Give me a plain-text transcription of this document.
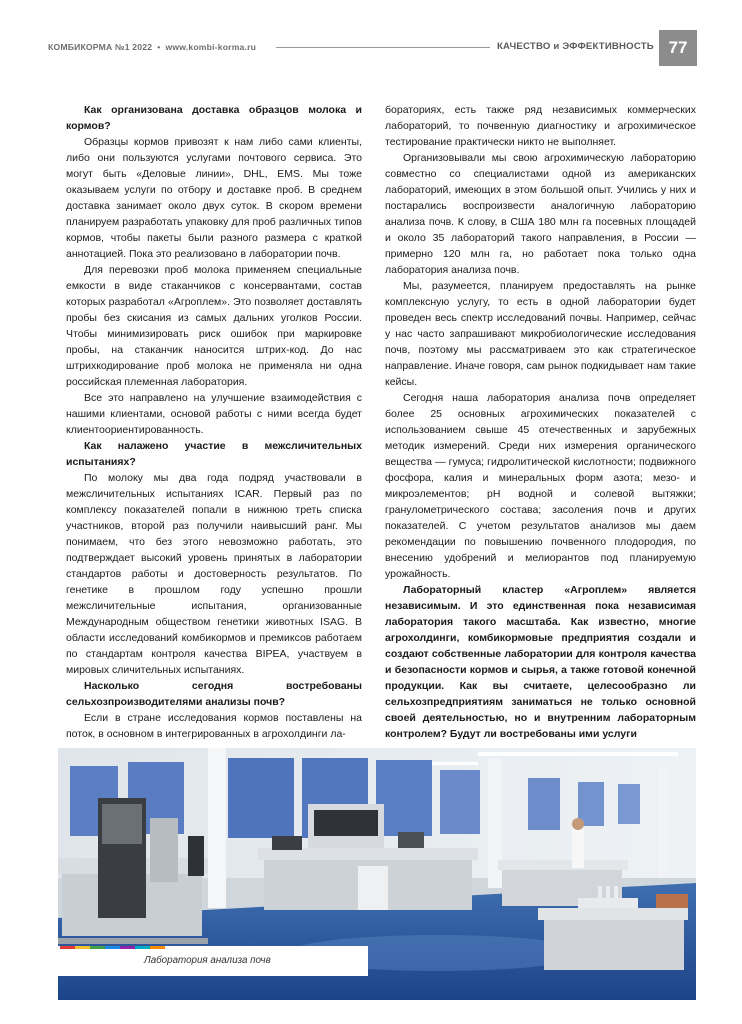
КОМБИКОРМА №1 2022 • www.kombi-korma.ru	КАЧЕСТВО и ЭФФЕКТИВНОСТЬ 77

Как организована доставка образцов молока и кормов?

Образцы кормов привозят к нам либо сами клиенты, либо они пользуются услугами почтового сервиса. Это могут быть «Деловые линии», DHL, EMS. Мы тоже оказываем услуги по отбору и доставке проб. В среднем доставка занимает около двух суток. В скором времени планируем разработать упаковку для проб различных типов кормов, чтобы пакеты были разного размера с краткой аннотацией. Пока это реализовано в лаборатории почв.

Для перевозки проб молока применяем специальные емкости в виде стаканчиков с консервантами, состав которых разработал «Агроплем». Это позволяет доставлять пробы без скисания из самых дальних уголков России. Чтобы минимизировать риск ошибок при маркировке пробы, на стаканчик наносится штрих-код. До нас штрихкодирование проб молока не применяла ни одна российская племенная лаборатория.

Все это направлено на улучшение взаимодействия с нашими клиентами, основой работы с ними всегда будет клиентоориентированность.

Как налажено участие в межсличительных испытаниях?

По молоку мы два года подряд участвовали в межсличительных испытаниях ICAR. Первый раз по комплексу показателей попали в нижнюю треть списка участников, второй раз получили наивысший ранг. Мы понимаем, что без этого невозможно работать, это подтверждает высокий уровень принятых в лаборатории стандартов работы и достоверность результатов. По генетике в прошлом году успешно прошли межсличительные испытания, организованные Международным обществом генетики животных ISAG. В области исследований комбикормов и премиксов работаем по стандартам контроля качества BIPEA, участвуем в мировых сличительных испытаниях.

Насколько сегодня востребованы сельхозпроизводителями анализы почв?

Если в стране исследования кормов поставлены на поток, в основном в интегрированных в агрохолдинги ла-

бораториях, есть также ряд независимых коммерческих лабораторий, то почвенную диагностику и агрохимическое тестирование практически никто не выполняет.

Организовывали мы свою агрохимическую лабораторию совместно со специалистами одной из американских лабораторий, имеющих в этом большой опыт. Учились у них и постарались воспроизвести аналогичную лабораторию анализа почв. К слову, в США 180 млн га посевных площадей и около 35 лабораторий такого направления, в России — примерно 120 млн га, но работает пока только одна лаборатория анализа почв.

Мы, разумеется, планируем предоставлять на рынке комплексную услугу, то есть в одной лаборатории будет проведен весь спектр исследований почвы. Например, сейчас у нас часто запрашивают микробиологические исследования почв, поэтому мы рассматриваем это как стратегическое направление. Иначе говоря, сам рынок подкидывает нам такие кейсы.

Сегодня наша лаборатория анализа почв определяет более 25 основных агрохимических показателей с использованием свыше 45 отечественных и зарубежных методик измерений. Среди них измерения органического вещества — гумуса; гидролитической кислотности; подвижного фосфора, калия и минеральных форм азота; мезо- и микроэлементов; pH водной и солевой вытяжки; гранулометрического состава; засоления почв и других показателей. С учетом результатов анализов мы даем рекомендации по повышению почвенного плодородия, по внесению удобрений и мелиорантов под планируемую урожайность.

Лабораторный кластер «Агроплем» является независимым. И это единственная пока независимая лаборатория такого масштаба. Как известно, многие агрохолдинги, комбикормовые предприятия создали и создают собственные лаборатории для контроля качества и безопасности кормов и сырья, а также готовой конечной продукции. Как вы считаете, целесообразно ли сельхозпредприятиям заниматься не только основной своей деятельностью, но и внутренним лабораторным контролем? Будут ли востребованы ими услуги

Лаборатория анализа почв
